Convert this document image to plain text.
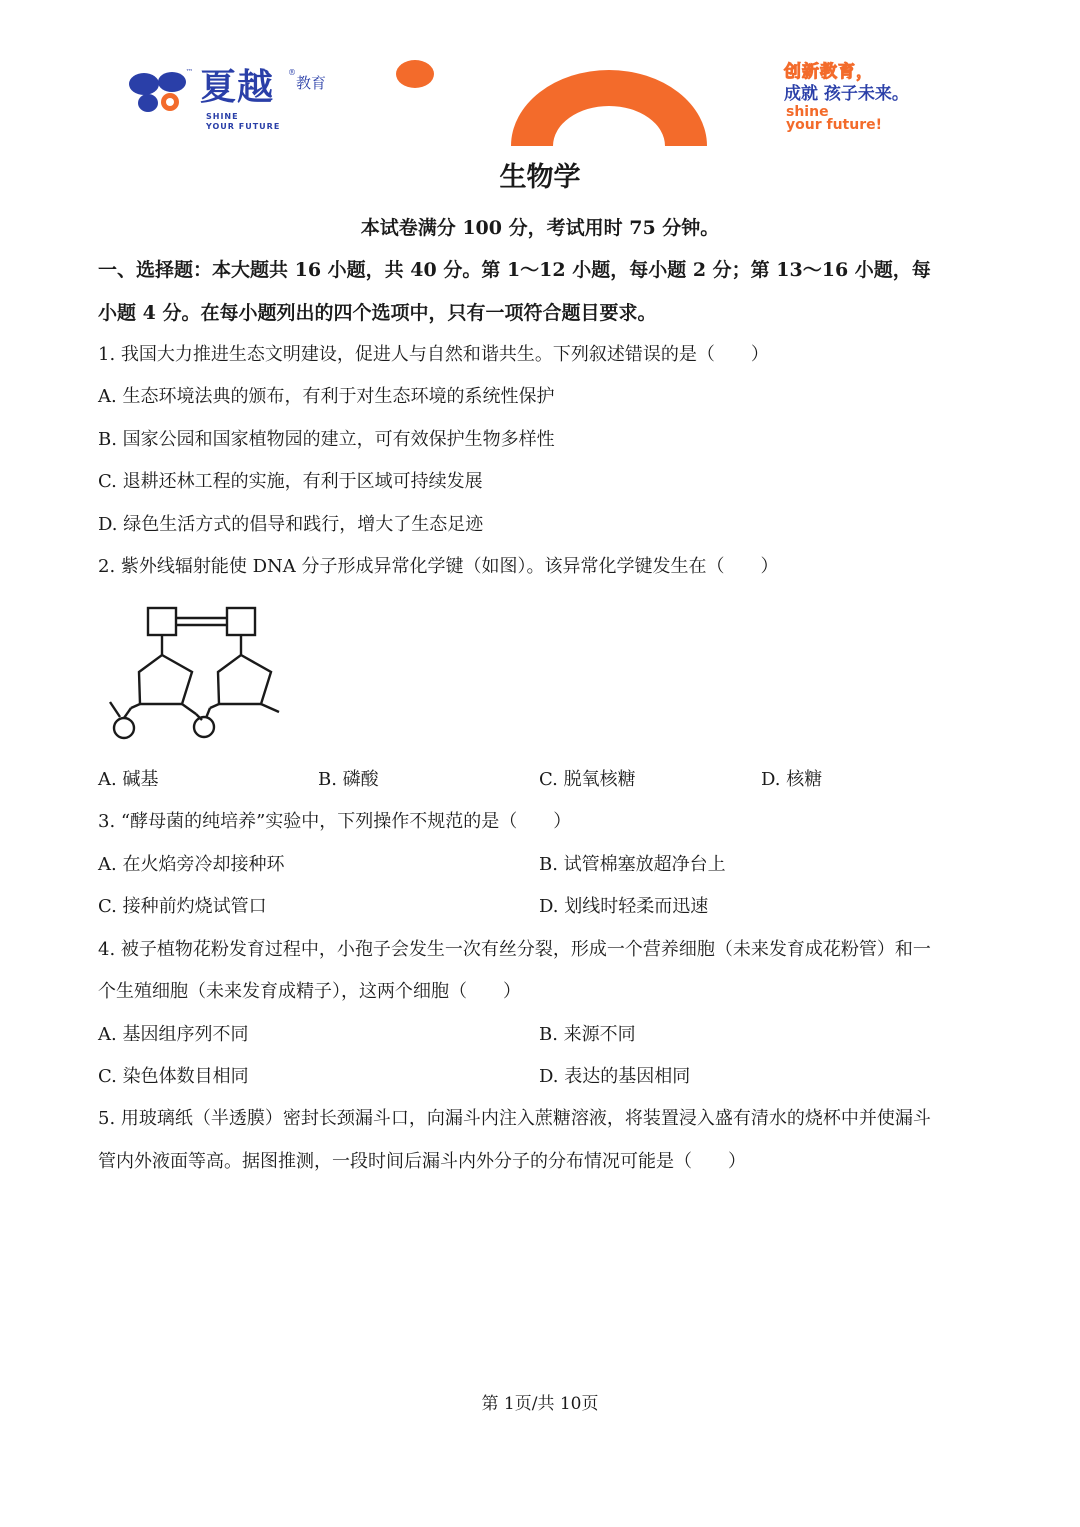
™ 夏越 ®
教育
SHINE
YOUR FUTURE
创新教育，
成就 孩子未来。
shine
your future!
生物学
本试卷满分 100 分，考试用时 75 分钟。
一、选择题：本大题共 16 小题，共 40 分。第 1～12 小题，每小题 2 分；第 13～16 小题，每
小题 4 分。在每小题列出的四个选项中，只有一项符合题目要求。
1. 我国大力推进生态文明建设，促进人与自然和谐共生。下列叙述错误的是（　　）
A. 生态环境法典的颁布，有利于对生态环境的系统性保护
B. 国家公园和国家植物园的建立，可有效保护生物多样性
C. 退耕还林工程的实施，有利于区域可持续发展
D. 绿色生活方式的倡导和践行，增大了生态足迹
2. 紫外线辐射能使 DNA 分子形成异常化学键（如图）。该异常化学键发生在（　　）
A. 碱基	B. 磷酸	C. 脱氧核糖	D. 核糖
3. “酵母菌的纯培养”实验中，下列操作不规范的是（　　）
A. 在火焰旁冷却接种环	B. 试管棉塞放超净台上
C. 接种前灼烧试管口	D. 划线时轻柔而迅速
4. 被子植物花粉发育过程中，小孢子会发生一次有丝分裂，形成一个营养细胞（未来发育成花粉管）和一
个生殖细胞（未来发育成精子），这两个细胞（　　）
A. 基因组序列不同	B. 来源不同
C. 染色体数目相同	D. 表达的基因相同
5. 用玻璃纸（半透膜）密封长颈漏斗口，向漏斗内注入蔗糖溶液，将装置浸入盛有清水的烧杯中并使漏斗
管内外液面等高。据图推测，一段时间后漏斗内外分子的分布情况可能是（　　）
第 1页/共 10页
